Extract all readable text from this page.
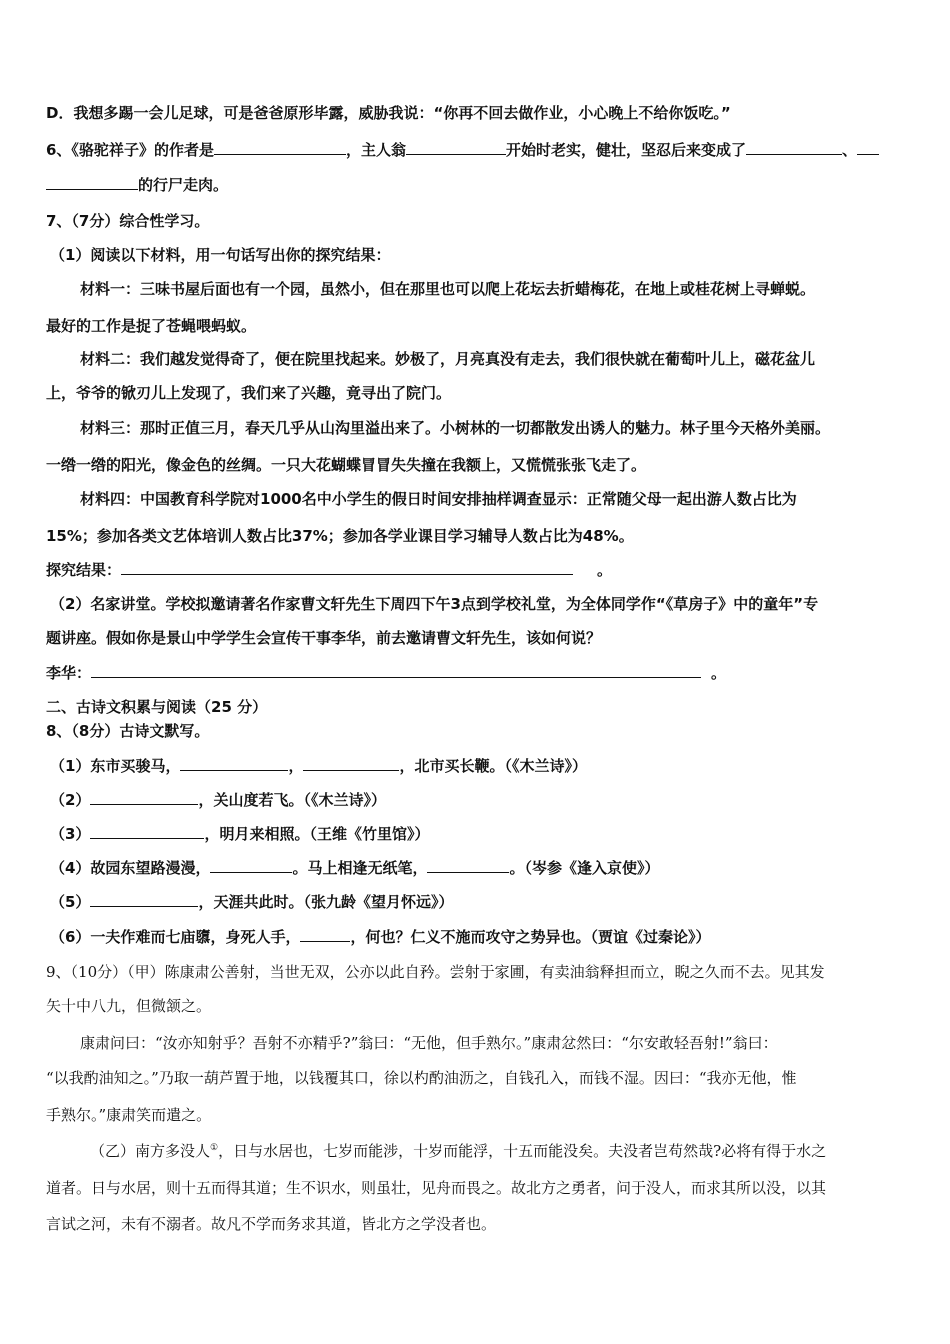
D．我想多踢一会儿足球，可是爸爸原形毕露，威胁我说：“你再不回去做作业，小心晚上不给你饭吃。”
6、《骆驼祥子》的作者是	，主人翁	开始时老实，健壮，坚忍后来变成了	、
的行尸走肉。
7、（7分）综合性学习。
（1）阅读以下材料，用一句话写出你的探究结果：
材料一：三味书屋后面也有一个园，虽然小，但在那里也可以爬上花坛去折蜡梅花，在地上或桂花树上寻蝉蜕。
最好的工作是捉了苍蝇喂蚂蚁。
材料二：我们越发觉得奇了，便在院里找起来。妙极了，月亮真没有走去，我们很快就在葡萄叶儿上，磁花盆儿
上，爷爷的锨刃儿上发现了，我们来了兴趣，竟寻出了院门。
材料三：那时正值三月，春天几乎从山沟里溢出来了。小树林的一切都散发出诱人的魅力。林子里今天格外美丽。
一绺一绺的阳光，像金色的丝绸。一只大花蝴蝶冒冒失失撞在我额上，又慌慌张张飞走了。
材料四：中国教育科学院对1000名中小学生的假日时间安排抽样调查显示：正常随父母一起出游人数占比为
15%；参加各类文艺体培训人数占比37%；参加各学业课目学习辅导人数占比为48%。
探究结果：	。
（2）名家讲堂。学校拟邀请著名作家曹文轩先生下周四下午3点到学校礼堂，为全体同学作“《草房子》中的童年”专
题讲座。假如你是景山中学学生会宣传干事李华，前去邀请曹文轩先生，该如何说？
李华：	。
二、古诗文积累与阅读（25 分）
8、（8分）古诗文默写。
（1）东市买骏马，	，	，北市买长鞭。（《木兰诗》）
（2）	，关山度若飞。（《木兰诗》）
（3）	，明月来相照。（王维《竹里馆》）
（4）故园东望路漫漫，	。马上相逢无纸笔，	。（岑参《逢入京使》）
（5）	，天涯共此时。（张九龄《望月怀远》）
（6）一夫作难而七庙隳，身死人手，	，何也？仁义不施而攻守之势异也。（贾谊《过秦论》）
9、（10分）（甲）陈康肃公善射，当世无双，公亦以此自矜。尝射于家圃，有卖油翁释担而立，睨之久而不去。见其发
矢十中八九，但微颔之。
康肃问曰：“汝亦知射乎？吾射不亦精乎?”翁曰：“无他，但手熟尔。”康肃忿然曰：“尔安敢轻吾射!”翁曰：
“以我酌油知之。”乃取一葫芦置于地，以钱覆其口，徐以杓酌油沥之，自钱孔入，而钱不湿。因曰：“我亦无他，惟
手熟尔。”康肃笑而遣之。
（乙）南方多没人①，日与水居也，七岁而能涉，十岁而能浮，十五而能没矣。夫没者岂苟然哉?必将有得于水之
道者。日与水居，则十五而得其道；生不识水，则虽壮，见舟而畏之。故北方之勇者，问于没人，而求其所以没，以其
言试之河，未有不溺者。故凡不学而务求其道，皆北方之学没者也。
